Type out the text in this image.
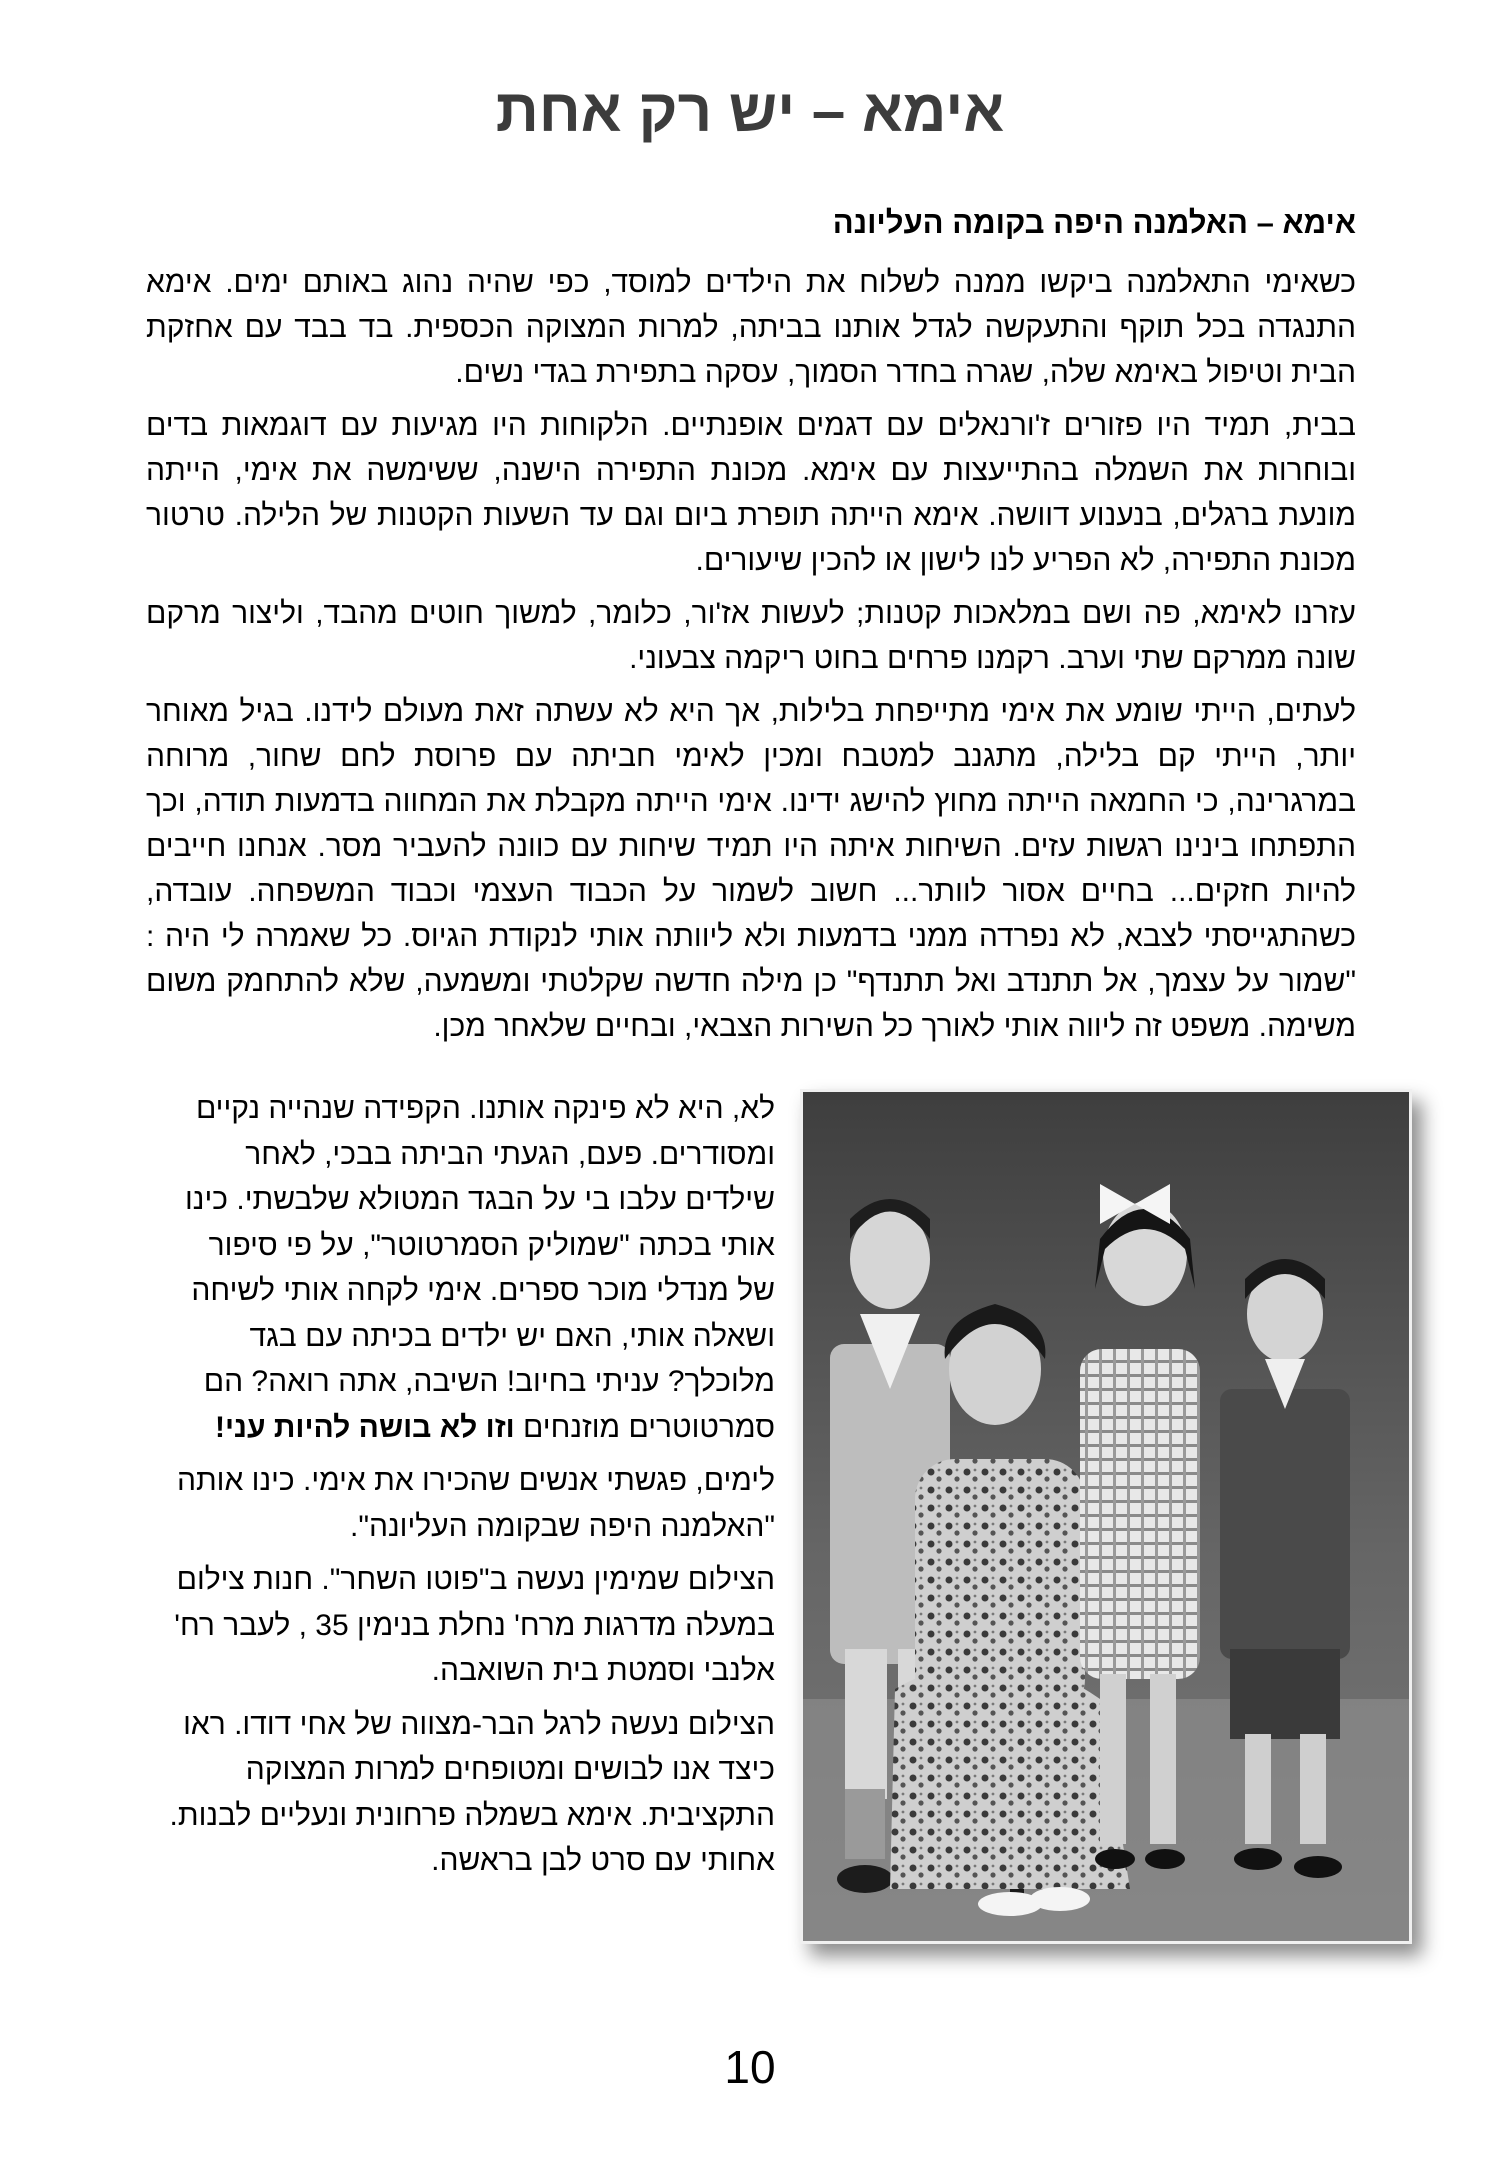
אימא – יש רק אחת
אימא – האלמנה היפה בקומה העליונה

כשאימי התאלמנה ביקשו ממנה לשלוח את הילדים למוסד, כפי שהיה נהוג באותם ימים. אימא התנגדה בכל תוקף והתעקשה לגדל אותנו בביתה, למרות המצוקה הכספית. בד בבד עם אחזקת הבית וטיפול באימא שלה, שגרה בחדר הסמוך, עסקה בתפירת בגדי נשים.

בבית, תמיד היו פזורים ז'ורנאלים עם דגמים אופנתיים. הלקוחות היו מגיעות עם דוגמאות בדים ובוחרות את השמלה בהתייעצות עם אימא. מכונת התפירה הישנה, ששימשה את אימי, הייתה מונעת ברגלים, בנענוע דוושה. אימא הייתה תופרת ביום וגם עד השעות הקטנות של הלילה. טרטור מכונת התפירה, לא הפריע לנו לישון או להכין שיעורים.

עזרנו לאימא, פה ושם במלאכות קטנות; לעשות אז'ור, כלומר, למשוך חוטים מהבד, וליצור מרקם שונה ממרקם שתי וערב. רקמנו פרחים בחוט ריקמה צבעוני.

לעתים, הייתי שומע את אימי מתייפחת בלילות, אך היא לא עשתה זאת מעולם לידנו. בגיל מאוחר יותר, הייתי קם בלילה, מתגנב למטבח ומכין לאימי חביתה עם פרוסת לחם שחור, מרוחה במרגרינה, כי החמאה הייתה מחוץ להישג ידינו. אימי הייתה מקבלת את המחווה בדמעות תודה, וכך התפתחו בינינו רגשות עזים. השיחות איתה היו תמיד שיחות עם כוונה להעביר מסר. אנחנו חייבים להיות חזקים... בחיים אסור לוותר... חשוב לשמור על הכבוד העצמי וכבוד המשפחה. עובדה, כשהתגייסתי לצבא, לא נפרדה ממני בדמעות ולא ליוותה אותי לנקודת הגיוס. כל שאמרה לי היה : "שמור על עצמך, אל תתנדב ואל תתנדף" כן מילה חדשה שקלטתי ומשמעה, שלא להתחמק משום משימה. משפט זה ליווה אותי לאורך כל השירות הצבאי, ובחיים שלאחר מכן.

לא, היא לא פינקה אותנו. הקפידה שנהייה נקיים ומסודרים. פעם, הגעתי הביתה בבכי, לאחר שילדים עלבו בי על הבגד המטולא שלבשתי. כינו אותי בכתה "שמוליק הסמרטוטר", על פי סיפור של מנדלי מוכר ספרים. אימי לקחה אותי לשיחה ושאלה אותי, האם יש ילדים בכיתה עם בגד מלוכלך? עניתי בחיוב! השיבה, אתה רואה? הם סמרטוטרים מוזנחים וזו לא בושה להיות עני!

לימים, פגשתי אנשים שהכירו את אימי. כינו אותה "האלמנה היפה שבקומה העליונה".

הצילום שמימין נעשה ב"פוטו השחר". חנות צילום במעלה מדרגות מרח' נחלת בנימין 35 , לעבר רח' אלנבי וסמטת בית השואבה.

הצילום נעשה לרגל הבר-מצווה של אחי דודו. ראו כיצד אנו לבושים ומטופחים למרות המצוקה התקציבית. אימא בשמלה פרחונית ונעליים לבנות. אחותי עם סרט לבן בראשה.

10
